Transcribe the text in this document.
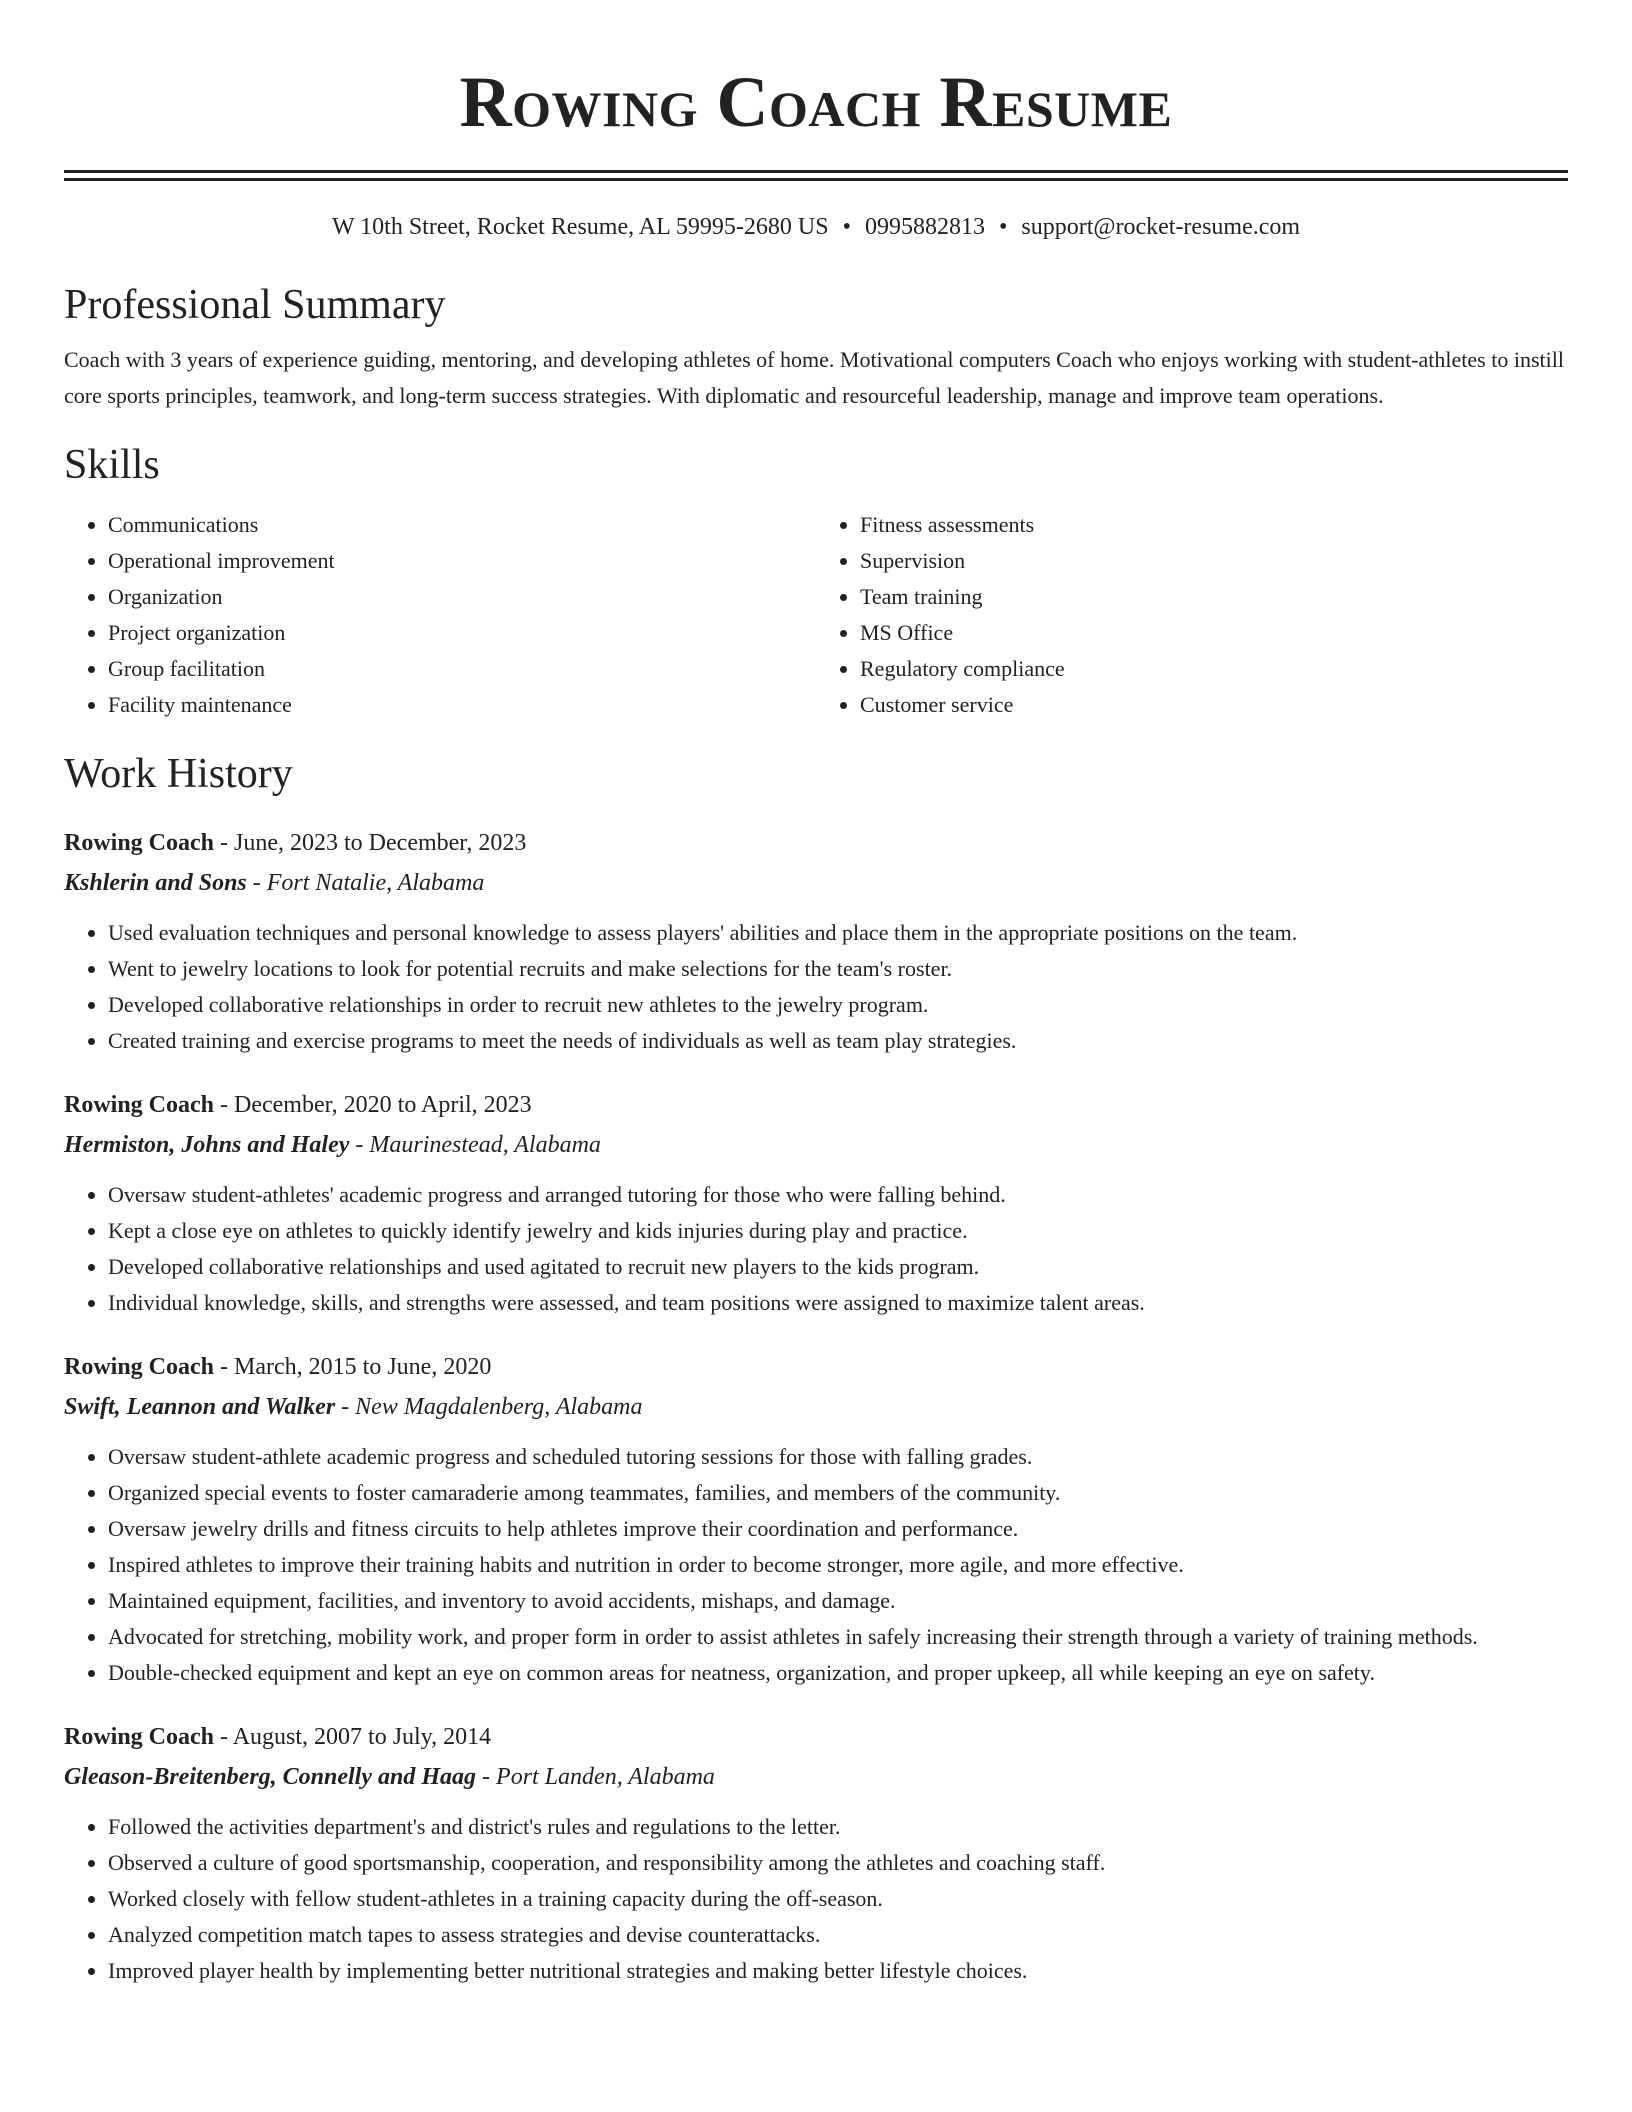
Rowing Coach Resume
W 10th Street, Rocket Resume, AL 59995-2680 US • 0995882813 • support@rocket-resume.com
Professional Summary

Coach with 3 years of experience guiding, mentoring, and developing athletes of home. Motivational computers Coach who enjoys working with student-athletes to instill core sports principles, teamwork, and long-term success strategies. With diplomatic and resourceful leadership, manage and improve team operations.

Skills
• Communications
• Operational improvement
• Organization
• Project organization
• Group facilitation
• Facility maintenance
• Fitness assessments
• Supervision
• Team training
• MS Office
• Regulatory compliance
• Customer service
Work History
Rowing Coach - June, 2023 to December, 2023
Kshlerin and Sons - Fort Natalie, Alabama
• Used evaluation techniques and personal knowledge to assess players' abilities and place them in the appropriate positions on the team.
• Went to jewelry locations to look for potential recruits and make selections for the team's roster.
• Developed collaborative relationships in order to recruit new athletes to the jewelry program.
• Created training and exercise programs to meet the needs of individuals as well as team play strategies.
Rowing Coach - December, 2020 to April, 2023
Hermiston, Johns and Haley - Maurinestead, Alabama
• Oversaw student-athletes' academic progress and arranged tutoring for those who were falling behind.
• Kept a close eye on athletes to quickly identify jewelry and kids injuries during play and practice.
• Developed collaborative relationships and used agitated to recruit new players to the kids program.
• Individual knowledge, skills, and strengths were assessed, and team positions were assigned to maximize talent areas.
Rowing Coach - March, 2015 to June, 2020
Swift, Leannon and Walker - New Magdalenberg, Alabama
• Oversaw student-athlete academic progress and scheduled tutoring sessions for those with falling grades.
• Organized special events to foster camaraderie among teammates, families, and members of the community.
• Oversaw jewelry drills and fitness circuits to help athletes improve their coordination and performance.
• Inspired athletes to improve their training habits and nutrition in order to become stronger, more agile, and more effective.
• Maintained equipment, facilities, and inventory to avoid accidents, mishaps, and damage.
• Advocated for stretching, mobility work, and proper form in order to assist athletes in safely increasing their strength through a variety of training methods.
• Double-checked equipment and kept an eye on common areas for neatness, organization, and proper upkeep, all while keeping an eye on safety.
Rowing Coach - August, 2007 to July, 2014
Gleason-Breitenberg, Connelly and Haag - Port Landen, Alabama
• Followed the activities department's and district's rules and regulations to the letter.
• Observed a culture of good sportsmanship, cooperation, and responsibility among the athletes and coaching staff.
• Worked closely with fellow student-athletes in a training capacity during the off-season.
• Analyzed competition match tapes to assess strategies and devise counterattacks.
• Improved player health by implementing better nutritional strategies and making better lifestyle choices.
